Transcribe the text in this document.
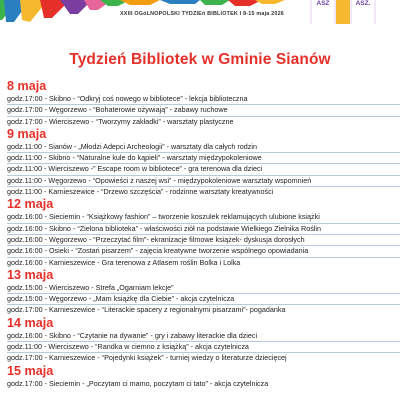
XXIII OGóLNOPOLSKI TYDZIEń BIBLIOTEK I 8-15 maja 2026
ASZ	ASZ.
Tydzień Bibliotek w Gminie Sianów
8 maja
godz.17:00 - Skibno - “Odkryj coś nowego w bibliotece” - lekcja biblioteczna
godz.17:00 - Węgorzewo - “Bohaterowie ożywiają” - zabawy ruchowe
godz.17:00 - Wierciszewo - “Tworzymy zakładki” - warsztaty plastyczne
9 maja
godz.11:00 - Sianów - „Młodzi Adepci Archeologii” - warsztaty dla całych rodzin
godz.11:00 - Skibno - “Naturalne kule do kąpieli” - warsztaty międzypokoleniowe
godz.11:00 - Wierciszewo -” Escape room w bibliotece” - gra terenowa dla dzieci
godz.11:00 - Węgorzewo - “Opowieści z naszej wsi” - międzypokoleniowe warsztaty wspomnień
godz.11:00 - Karnieszewice - “Drzewo szczęścia” - rodzinne warsztaty kreatywności
12 maja
godz.16:00 - Sieciemin - “Książkowy fashion” – tworzenie koszulek reklamujących ulubione książki
godz.16:00 - Skibno - “Zielona biblioteka” - właściwości ziół na podstawie Wielkiego Zielnika Roślin
godz.16:00 - Węgorzewo - “Przeczytać film”- ekranizacje filmowe książek- dyskusja dorosłych
godz.16:00 - Osieki - “Zostań pisarzem” - zajęcia kreatywne tworzenie wspólnego opowiadania
godz.16:00 - Karnieszewice - Gra terenowa z Atlasem roślin Bolka i Lolka
13 maja
godz.15:00 - Wierciszewo - Strefa „Ogarniam lekcje”
godz.15:00 - Węgorzewo - „Mam książkę dla Ciebie” - akcja czytelnicza
godz.17:00 - Karnieszewice - “Literackie spacery z regionalnymi pisarzami”- pogadanka
14 maja
godz.16:00 - Skibno - “Czytanie na dywanie” - gry i zabawy literackie dla dzieci
godz.11:00 - Wierciszewo - “Randka w ciemno z książką” - akcja czytelnicza
godz.17:00 - Karnieszewice - “Pojedynki książek” - turniej wiedzy o literaturze dziecięcej
15 maja
godz.17:00 - Sieciemin - „Poczytam ci mamo, poczytam ci tato” - akcja czytelnicza
